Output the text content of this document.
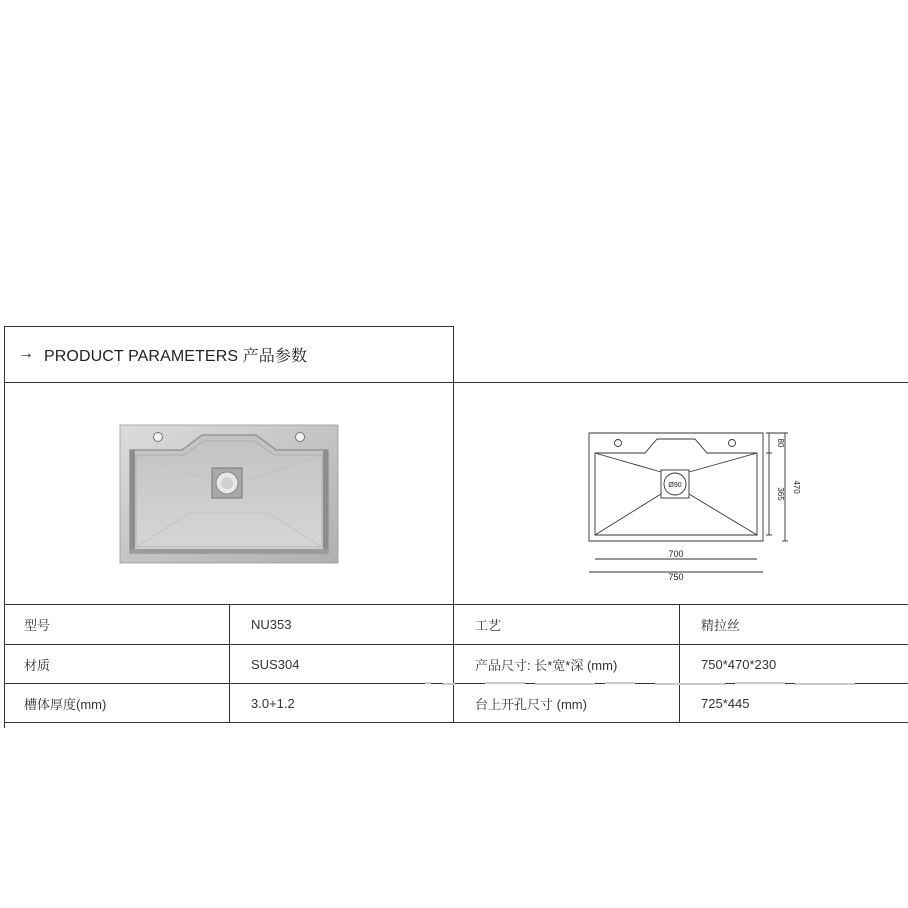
→ PRODUCT PARAMETERS 产品参数
Ø90
700
750
80
365
470
型号	NU353	工艺	精拉丝
材质	SUS304	产品尺寸: 长*宽*深 (mm)	750*470*230
槽体厚度(mm)	3.0+1.2	台上开孔尺寸 (mm)	725*445
